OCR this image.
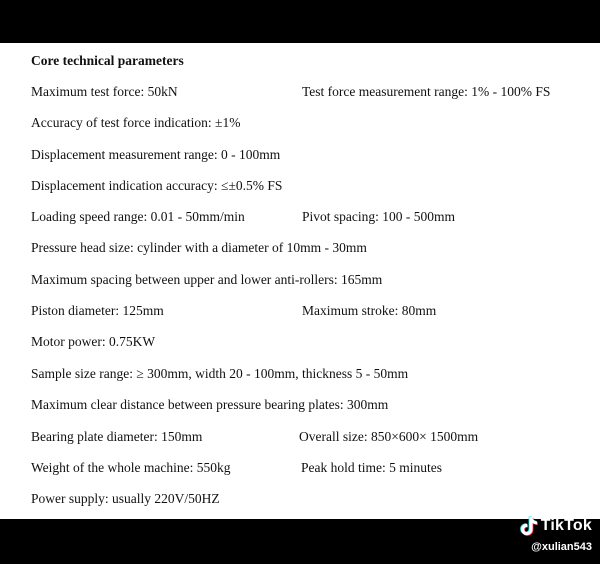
Core technical parameters
Maximum test force: 50kN	Test force measurement range: 1% - 100% FS
Accuracy of test force indication: ±1%
Displacement measurement range: 0 - 100mm
Displacement indication accuracy: ≤±0.5% FS
Loading speed range: 0.01 - 50mm/min	Pivot spacing: 100 - 500mm
Pressure head size: cylinder with a diameter of 10mm - 30mm
Maximum spacing between upper and lower anti-rollers: 165mm
Piston diameter: 125mm	Maximum stroke: 80mm
Motor power: 0.75KW
Sample size range: ≥ 300mm, width 20 - 100mm, thickness 5 - 50mm
Maximum clear distance between pressure bearing plates: 300mm
Bearing plate diameter: 150mm	Overall size: 850×600× 1500mm
Weight of the whole machine: 550kg	Peak hold time: 5 minutes
Power supply: usually 220V/50HZ
TikTok
@xulian543
